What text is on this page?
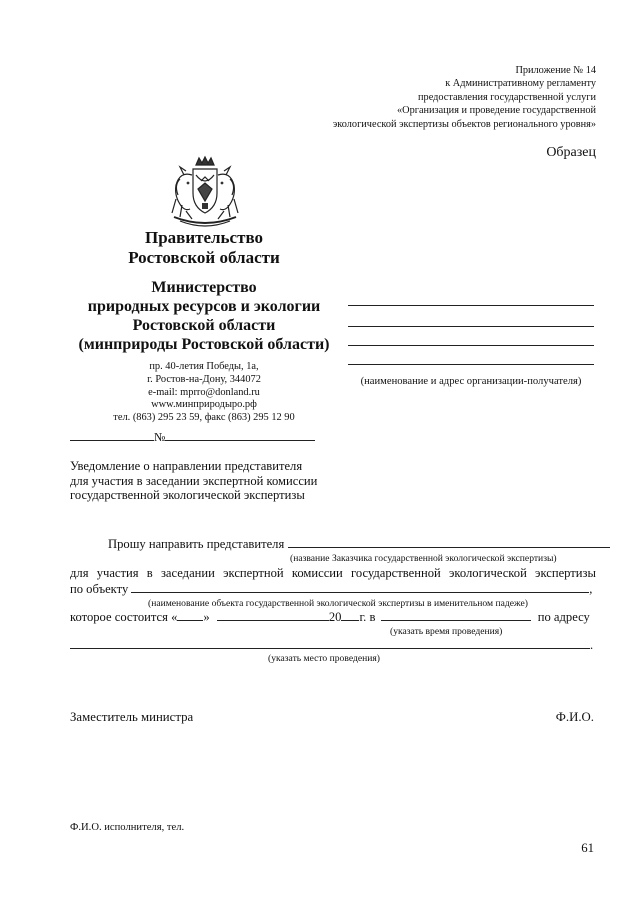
Приложение № 14
к Административному регламенту
предоставления государственной услуги
«Организация и проведение государственной
экологической экспертизы объектов регионального уровня»
Образец
Правительство
Ростовской области
Министерство
природных ресурсов и экологии
Ростовской области
(минприроды Ростовской области)
пр. 40-летия Победы, 1а,
г. Ростов-на-Дону, 344072
e-mail: mprro@donland.ru
www.минприродыро.рф
тел. (863) 295 23 59, факс (863) 295 12 90
(наименование и адрес организации-получателя)
№
Уведомление о направлении представителя
для участия в заседании экспертной комиссии
государственной экологической экспертизы
Прошу направить представителя
(название Заказчика государственной экологической экспертизы)
для участия в заседании экспертной комиссии государственной экологической экспертизы
по объекту	,
(наименование объекта государственной экологической экспертизы в именительном падеже)
которое состоится « »	20 г. в	по адресу
(указать время проведения)
.
(указать место проведения)
Заместитель министра	Ф.И.О.
Ф.И.О. исполнителя, тел.
61
